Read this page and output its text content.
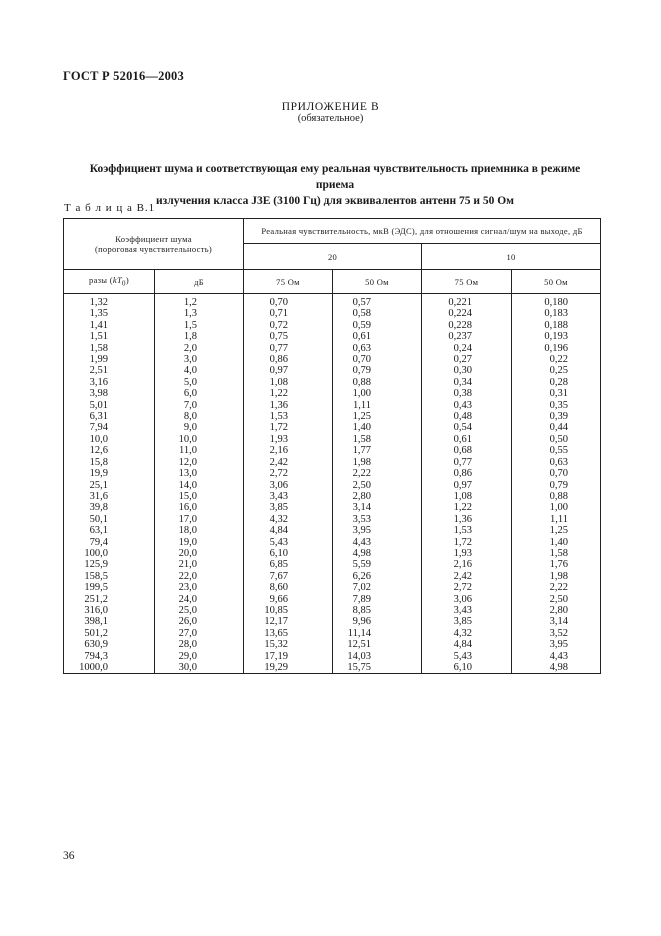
ГОСТ Р 52016—2003
ПРИЛОЖЕНИЕ В
(обязательное)
Коэффициент шума и соответствующая ему реальная чувствительность приемника в режиме приема
излучения класса J3E (3100 Гц) для эквивалентов антенн 75 и 50 Ом
Т а б л и ц а В.1
Коэффициент шума
(пороговая чувствительность)		Реальная чувствительность, мкВ (ЭДС), для отношения сигнал/шум на выходе, дБ			
		20		10	
разы $(kT_0)$	дБ	75 Ом	50 Ом	75 Ом	50 Ом

1,32	1,2	0,70	0,57	0,221	0,180
1,35	1,3	0,71	0,58	0,224	0,183
1,41	1,5	0,72	0,59	0,228	0,188
1,51	1,8	0,75	0,61	0,237	0,193
1,58	2,0	0,77	0,63	0,24	0,196
1,99	3,0	0,86	0,70	0,27	0,22
2,51	4,0	0,97	0,79	0,30	0,25
3,16	5,0	1,08	0,88	0,34	0,28
3,98	6,0	1,22	1,00	0,38	0,31
5,01	7,0	1,36	1,11	0,43	0,35
6,31	8,0	1,53	1,25	0,48	0,39
7,94	9,0	1,72	1,40	0,54	0,44
10,0	10,0	1,93	1,58	0,61	0,50
12,6	11,0	2,16	1,77	0,68	0,55
15,8	12,0	2,42	1,98	0,77	0,63
19,9	13,0	2,72	2,22	0,86	0,70
25,1	14,0	3,06	2,50	0,97	0,79
31,6	15,0	3,43	2,80	1,08	0,88
39,8	16,0	3,85	3,14	1,22	1,00
50,1	17,0	4,32	3,53	1,36	1,11
63,1	18,0	4,84	3,95	1,53	1,25
79,4	19,0	5,43	4,43	1,72	1,40
100,0	20,0	6,10	4,98	1,93	1,58
125,9	21,0	6,85	5,59	2,16	1,76
158,5	22,0	7,67	6,26	2,42	1,98
199,5	23,0	8,60	7,02	2,72	2,22
251,2	24,0	9,66	7,89	3,06	2,50
316,0	25,0	10,85	8,85	3,43	2,80
398,1	26,0	12,17	9,96	3,85	3,14
501,2	27,0	13,65	11,14	4,32	3,52
630,9	28,0	15,32	12,51	4,84	3,95
794,3	29,0	17,19	14,03	5,43	4,43
1000,0	30,0	19,29	15,75	6,10	4,98
36
